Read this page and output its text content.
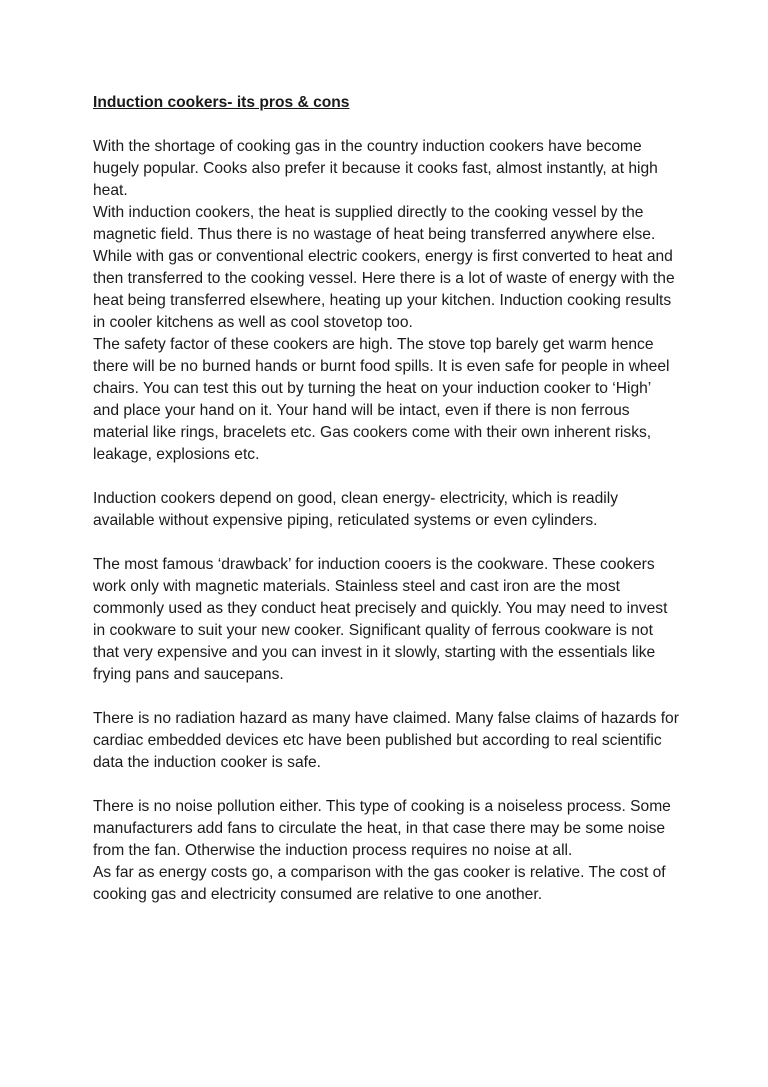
Induction cookers- its pros & cons

With the shortage of cooking gas in the country induction cookers have become hugely popular. Cooks also prefer it because it cooks fast, almost instantly, at high heat.

With induction cookers, the heat is supplied directly to the cooking vessel by the magnetic field. Thus there is no wastage of heat being transferred anywhere else. While with gas or conventional electric cookers, energy is first converted to heat and then transferred to the cooking vessel. Here there is a lot of waste of energy with the heat being transferred elsewhere, heating up your kitchen. Induction cooking results in cooler kitchens as well as cool stovetop too.

The safety factor of these cookers are high. The stove top barely get warm hence there will be no burned hands or burnt food spills. It is even safe for people in wheel chairs. You can test this out by turning the heat on your induction cooker to ‘High’ and place your hand on it. Your hand will be intact, even if there is non ferrous material like rings, bracelets etc. Gas cookers come with their own inherent risks, leakage, explosions etc.

Induction cookers depend on good, clean energy- electricity, which is readily available without expensive piping, reticulated systems or even cylinders.

The most famous ‘drawback’ for induction cooers is the cookware. These cookers work only with magnetic materials. Stainless steel and cast iron are the most commonly used as they conduct heat precisely and quickly. You may need to invest in cookware to suit your new cooker. Significant quality of ferrous cookware is not that very expensive and you can invest in it slowly, starting with the essentials like frying pans and saucepans.

There is no radiation hazard as many have claimed. Many false claims of hazards for cardiac embedded devices etc have been published but according to real scientific data the induction cooker is safe.

There is no noise pollution either. This type of cooking is a noiseless process. Some manufacturers add fans to circulate the heat, in that case there may be some noise from the fan. Otherwise the induction process requires no noise at all.

As far as energy costs go, a comparison with the gas cooker is relative. The cost of cooking gas and electricity consumed are relative to one another.
